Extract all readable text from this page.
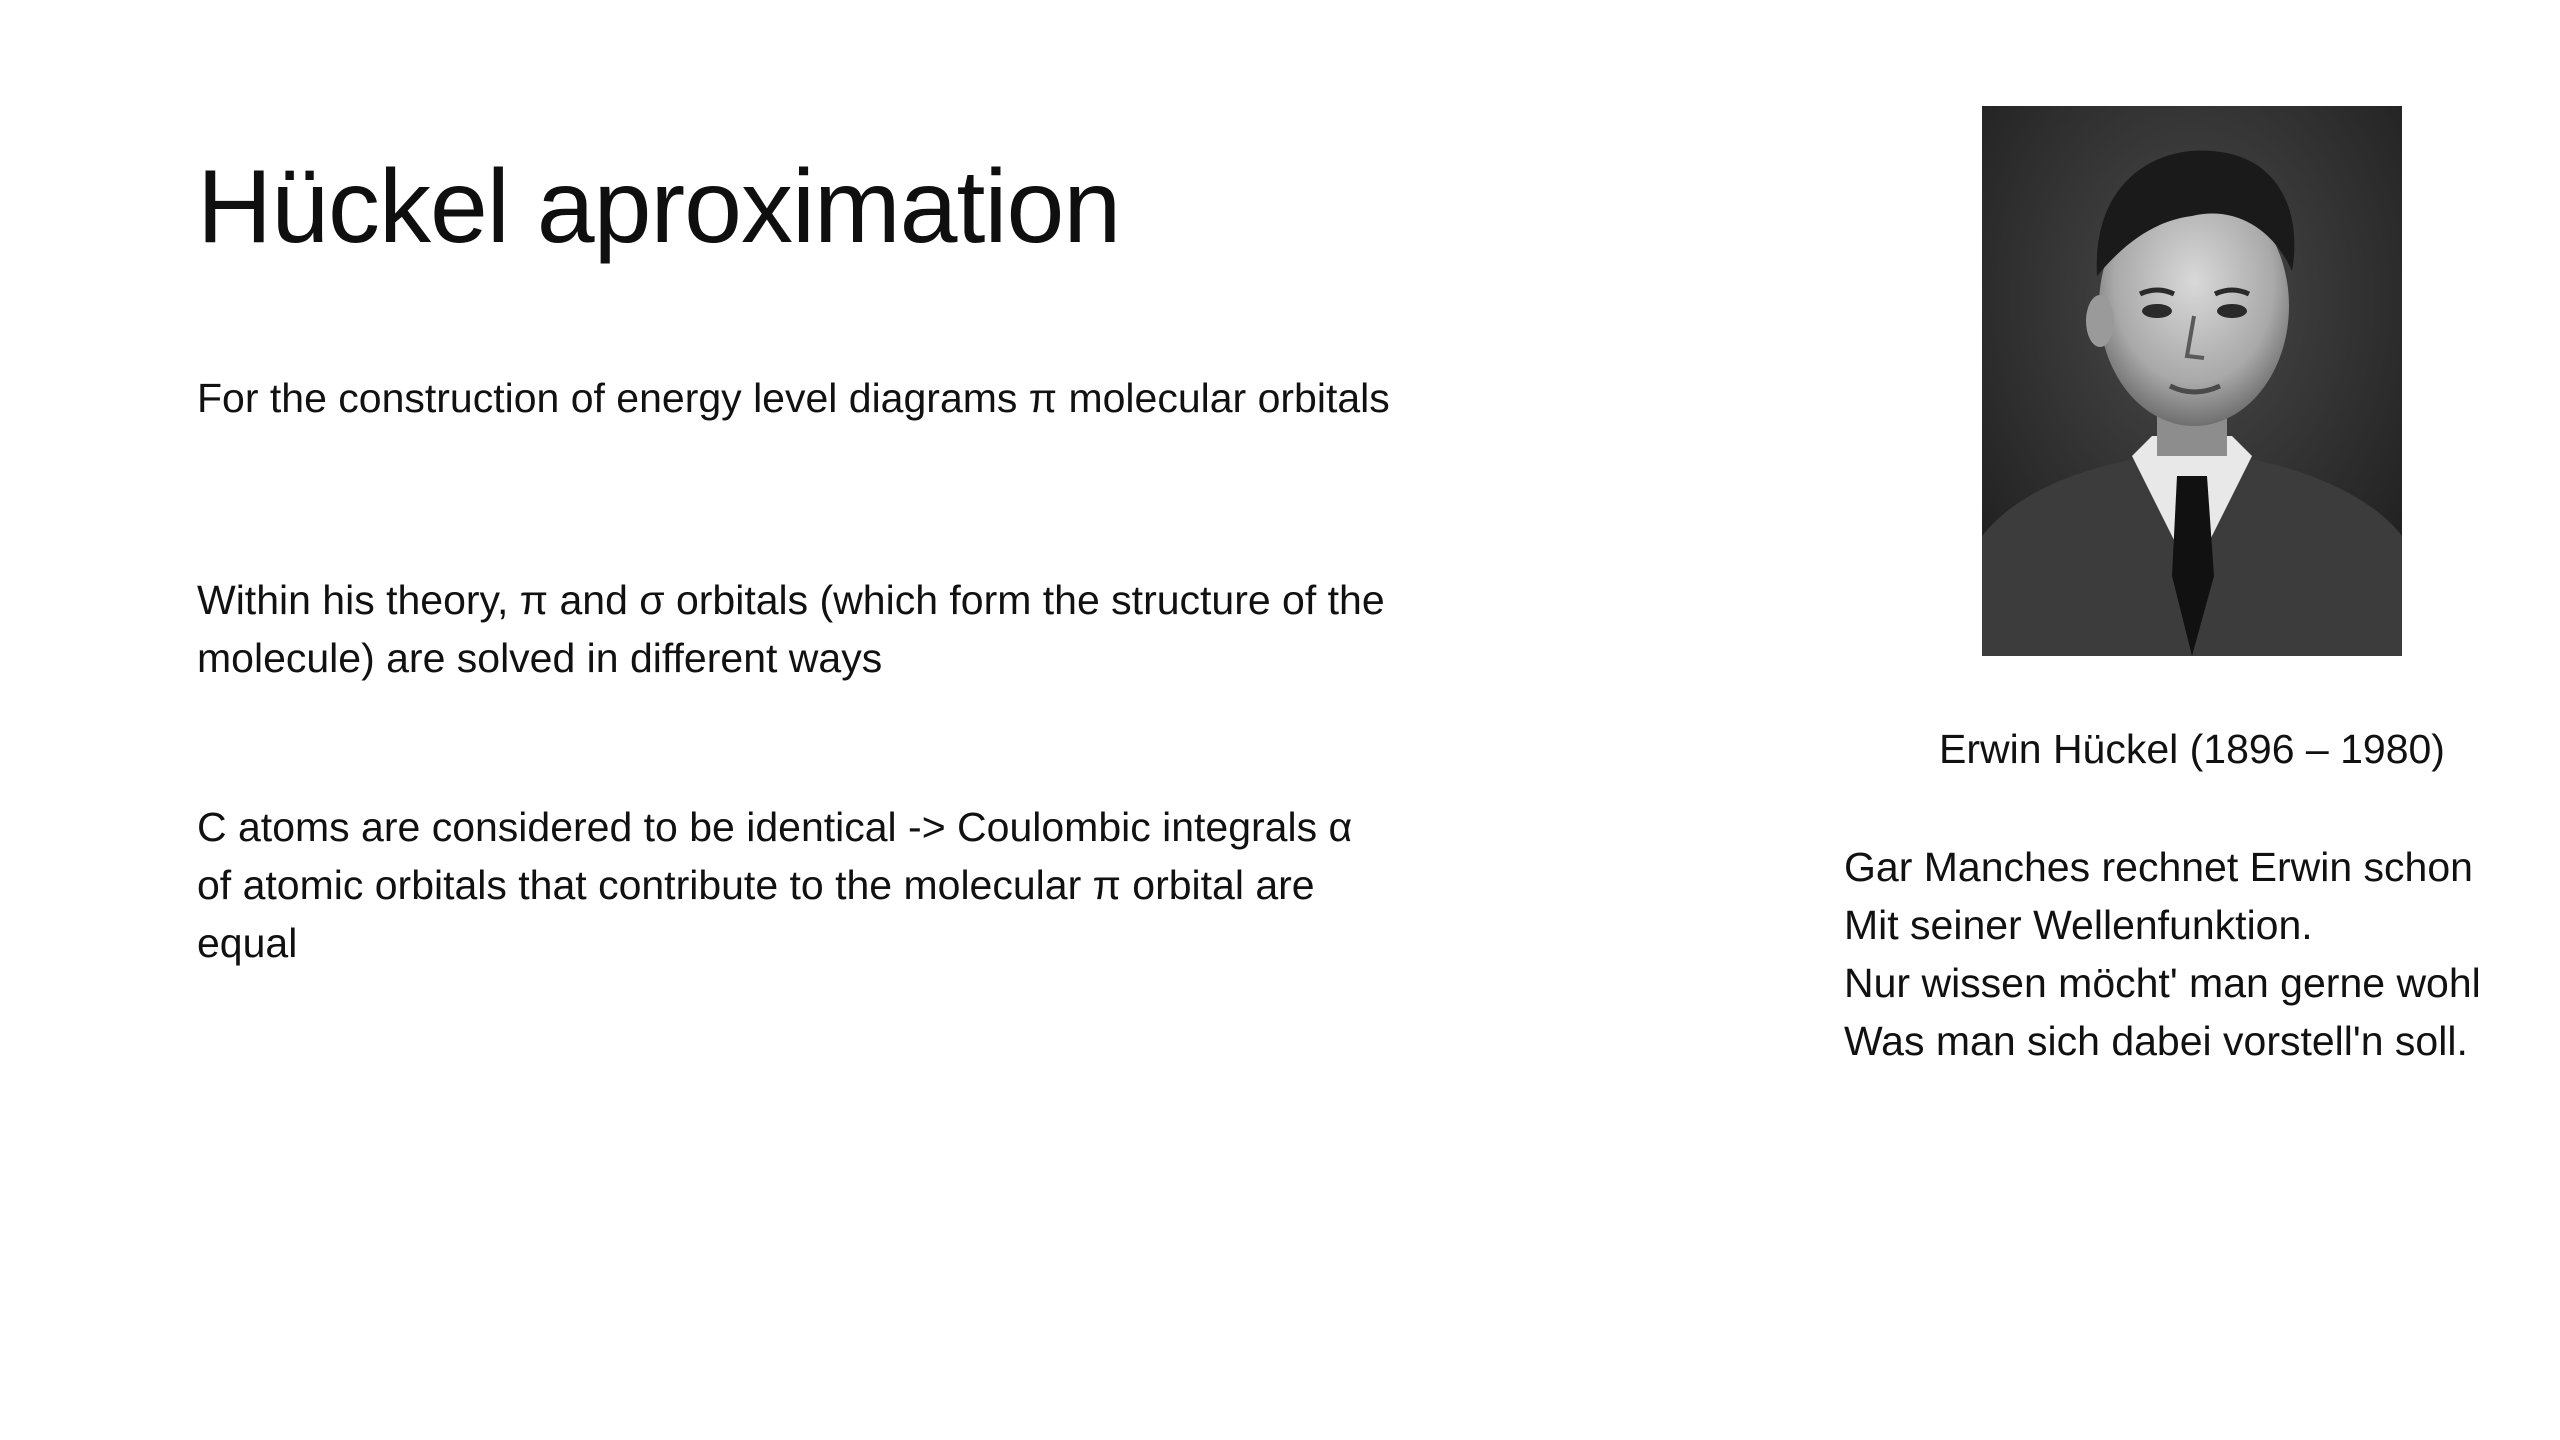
Hückel aproximation
For the construction of energy level diagrams π molecular orbitals
Within his theory, π and σ orbitals (which form the structure of the molecule) are solved in different ways
C atoms are considered to be identical -> Coulombic integrals α of atomic orbitals that contribute to the molecular π orbital are equal
Erwin Hückel (1896 – 1980)
Gar Manches rechnet Erwin schon
Mit seiner Wellenfunktion.
Nur wissen möcht' man gerne wohl
Was man sich dabei vorstell'n soll.
